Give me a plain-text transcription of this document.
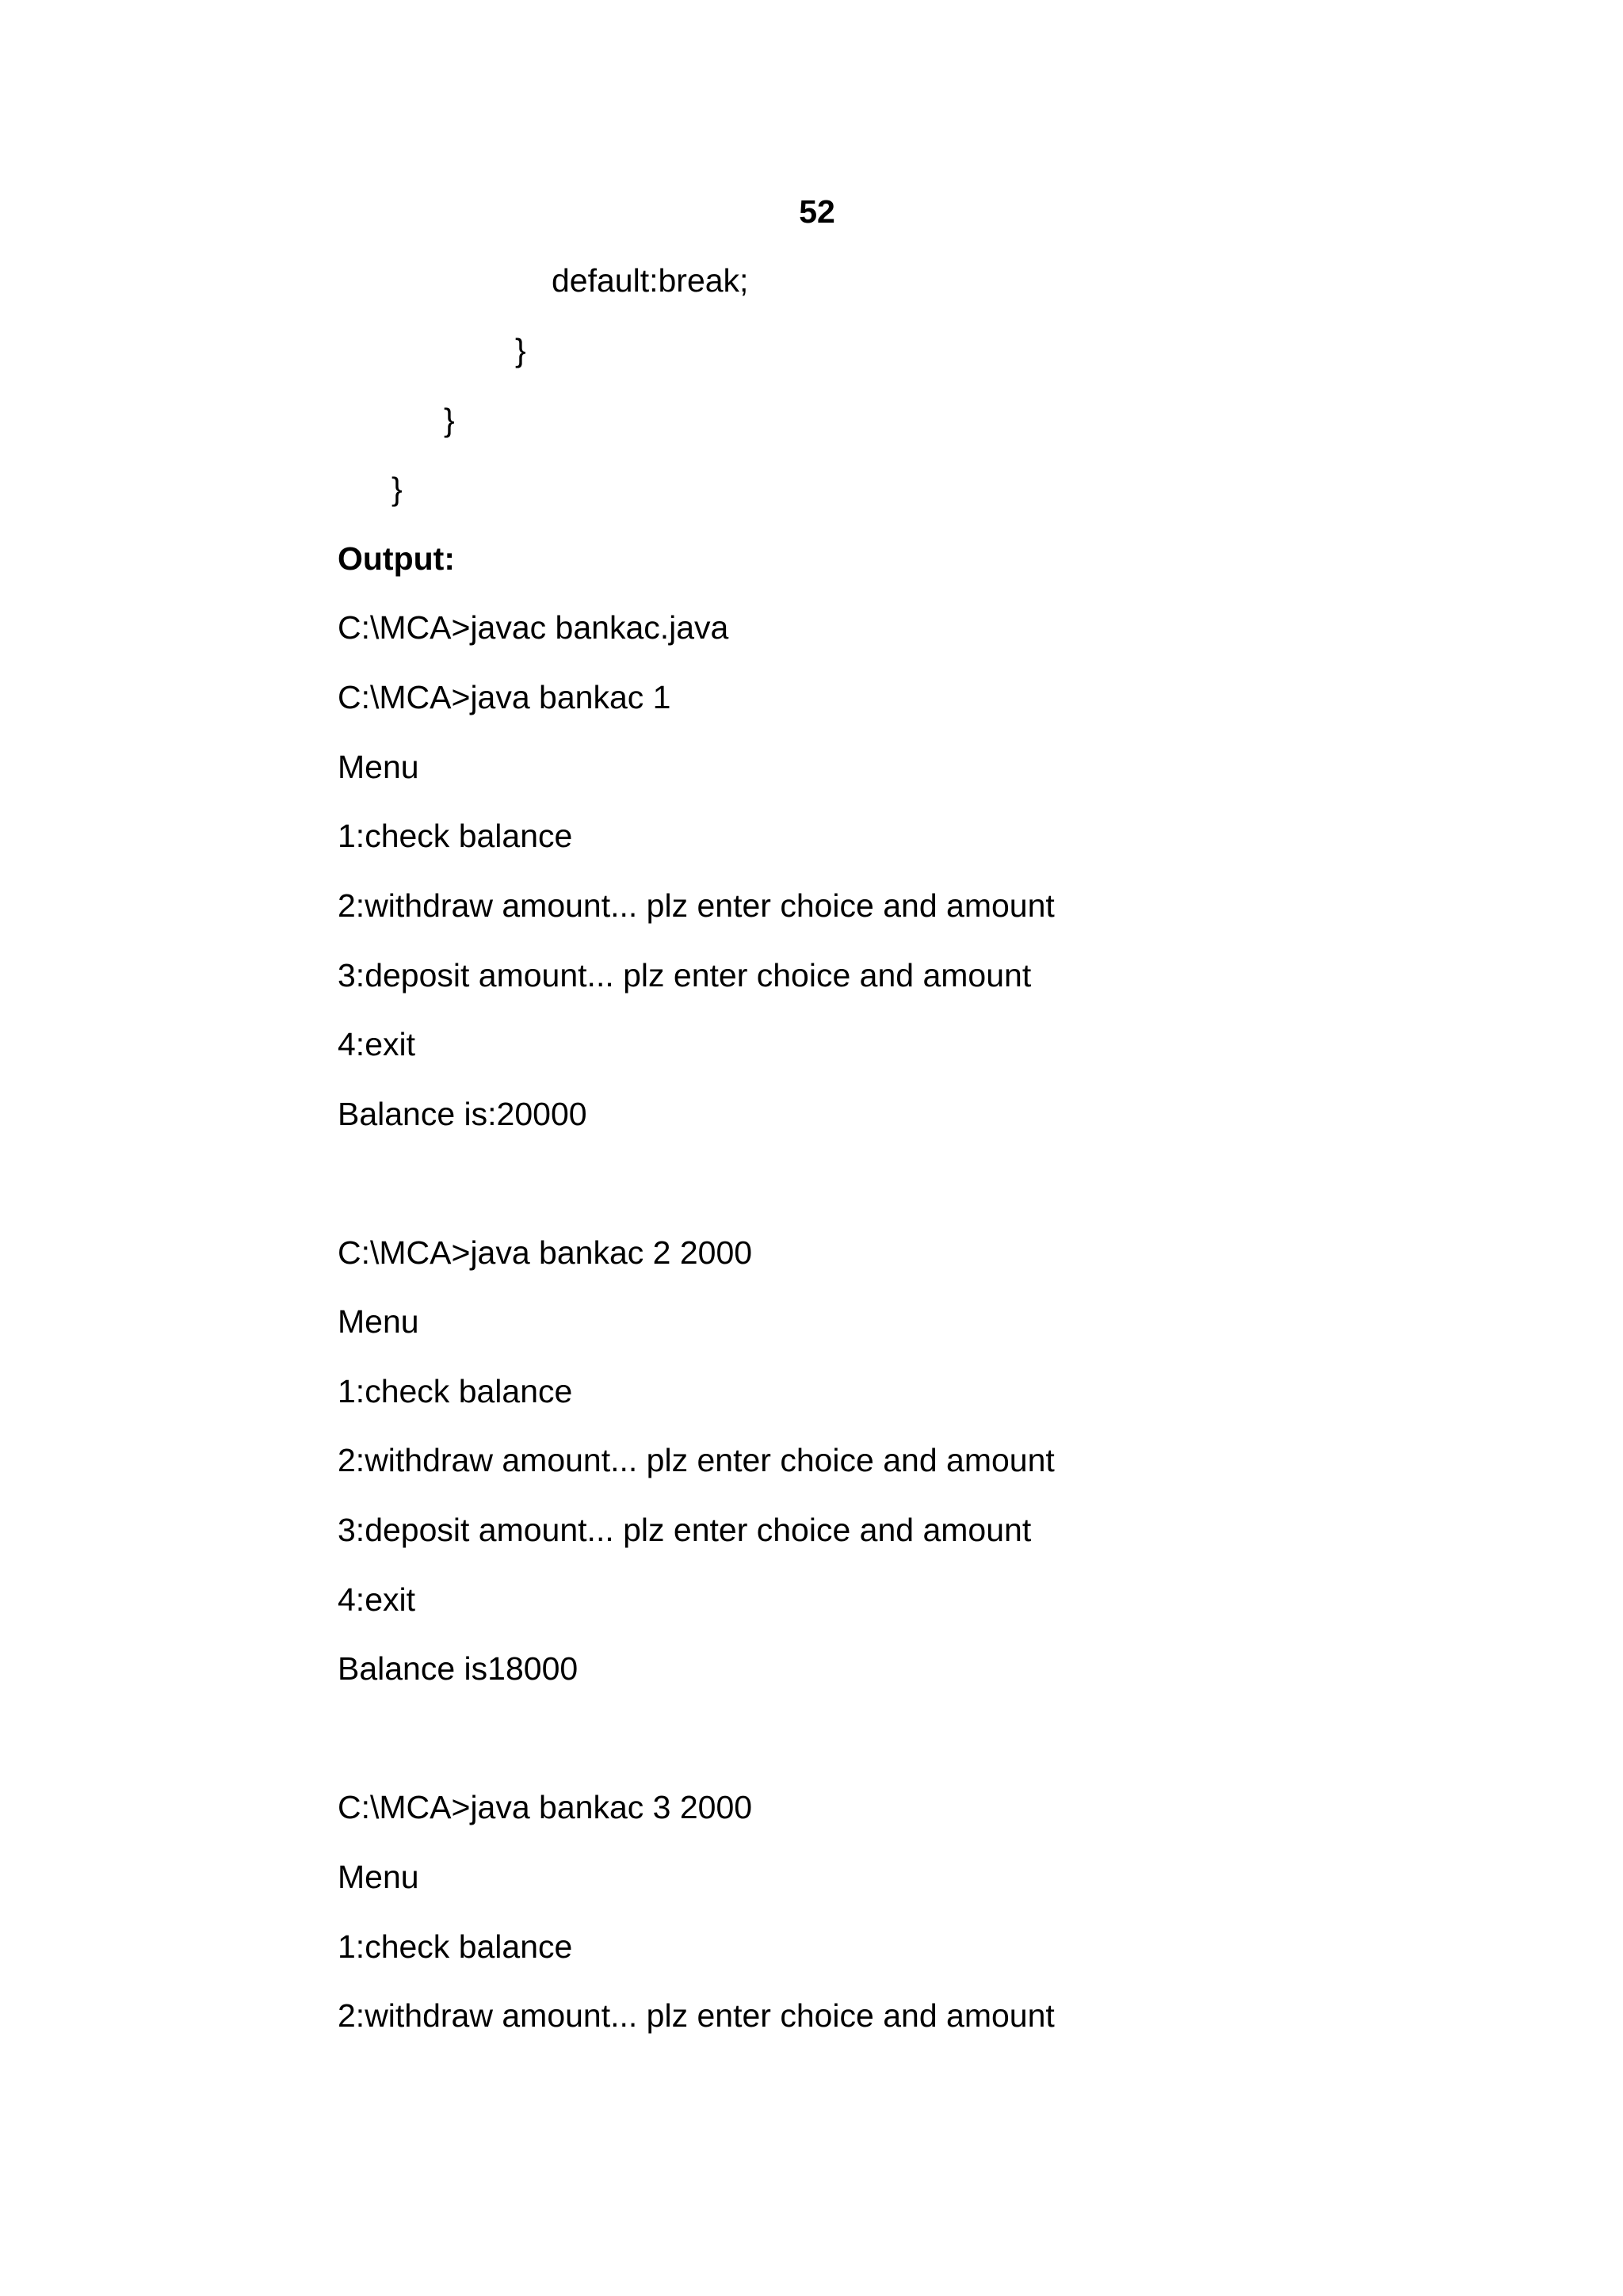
52

default:break;

}

}

}

Output:

C:\MCA>javac bankac.java

C:\MCA>java bankac 1

Menu

1:check balance

2:withdraw amount... plz enter choice and amount

3:deposit amount... plz enter choice and amount

4:exit

Balance is:20000

C:\MCA>java bankac 2 2000

Menu

1:check balance

2:withdraw amount... plz enter choice and amount

3:deposit amount... plz enter choice and amount

4:exit

Balance is18000

C:\MCA>java bankac 3 2000

Menu

1:check balance

2:withdraw amount... plz enter choice and amount
